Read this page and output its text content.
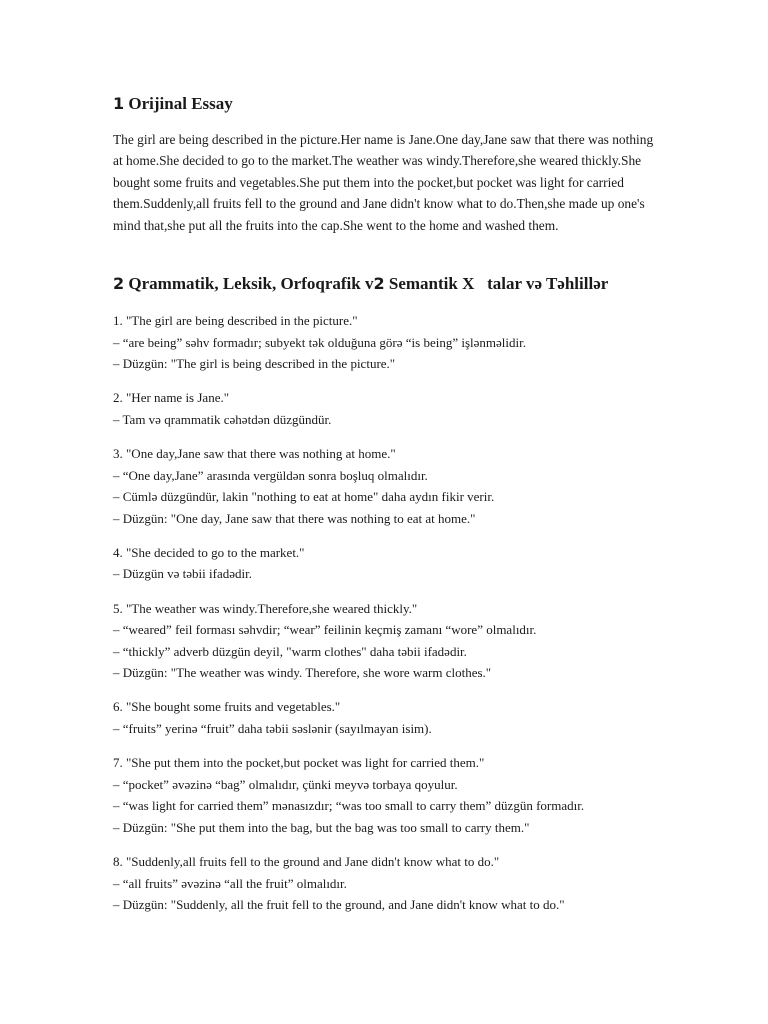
1 Orijinal Essay

The girl are being described in the picture.Her name is Jane.One day,Jane saw that there was nothing at home.She decided to go to the market.The weather was windy.Therefore,she weared thickly.She bought some fruits and vegetables.She put them into the pocket,but pocket was light for carried them.Suddenly,all fruits fell to the ground and Jane didn't know what to do.Then,she made up one's mind that,she put all the fruits into the cap.She went to the home and washed them.

2 Qrammatik, Leksik, Orfoqrafik v2 Semantik X   talar və Təhlillər
1. "The girl are being described in the picture."
– “are being” səhv formadır; subyekt tək olduğuna görə “is being” işlənməlidir.
– Düzgün: "The girl is being described in the picture."
2. "Her name is Jane."
– Tam və qrammatik cəhətdən düzgündür.
3. "One day,Jane saw that there was nothing at home."
– “One day,Jane” arasında vergüldən sonra boşluq olmalıdır.
– Cümlə düzgündür, lakin "nothing to eat at home" daha aydın fikir verir.
– Düzgün: "One day, Jane saw that there was nothing to eat at home."
4. "She decided to go to the market."
– Düzgün və təbii ifadədir.
5. "The weather was windy.Therefore,she weared thickly."
– “weared” feil forması səhvdir; “wear” feilinin keçmiş zamanı “wore” olmalıdır.
– “thickly” adverb düzgün deyil, "warm clothes" daha təbii ifadədir.
– Düzgün: "The weather was windy. Therefore, she wore warm clothes."
6. "She bought some fruits and vegetables."
– “fruits” yerinə “fruit” daha təbii səslənir (sayılmayan isim).
7. "She put them into the pocket,but pocket was light for carried them."
– “pocket” əvəzinə “bag” olmalıdır, çünki meyvə torbaya qoyulur.
– “was light for carried them” mənasızdır; “was too small to carry them” düzgün formadır.
– Düzgün: "She put them into the bag, but the bag was too small to carry them."
8. "Suddenly,all fruits fell to the ground and Jane didn't know what to do."
– “all fruits” əvəzinə “all the fruit” olmalıdır.
– Düzgün: "Suddenly, all the fruit fell to the ground, and Jane didn't know what to do."
